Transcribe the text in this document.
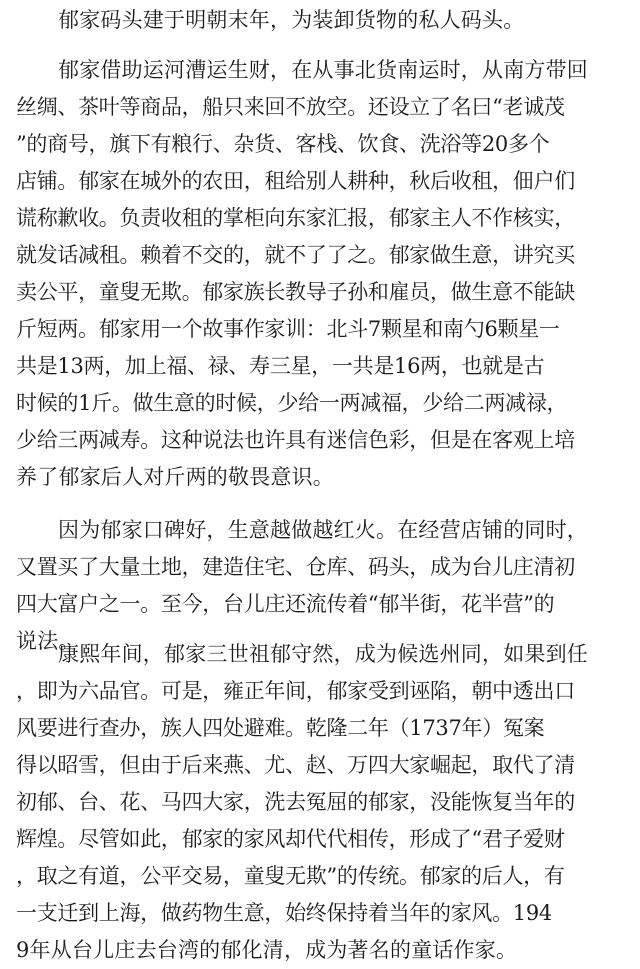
郁家码头建于明朝末年，为装卸货物的私人码头。
郁家借助运河漕运生财，在从事北货南运时，从南方带回
丝绸、茶叶等商品，船只来回不放空。还设立了名曰“老诚茂
”的商号，旗下有粮行、杂货、客栈、饮食、洗浴等20多个
店铺。郁家在城外的农田，租给别人耕种，秋后收租，佃户们
谎称歉收。负责收租的掌柜向东家汇报，郁家主人不作核实，
就发话减租。赖着不交的，就不了了之。郁家做生意，讲究买
卖公平，童叟无欺。郁家族长教导子孙和雇员，做生意不能缺
斤短两。郁家用一个故事作家训：北斗7颗星和南勺6颗星一
共是13两，加上福、禄、寿三星，一共是16两，也就是古
时候的1斤。做生意的时候，少给一两减福，少给二两减禄，
少给三两减寿。这种说法也许具有迷信色彩，但是在客观上培
养了郁家后人对斤两的敬畏意识。
因为郁家口碑好，生意越做越红火。在经营店铺的同时，
又置买了大量土地，建造住宅、仓库、码头，成为台儿庄清初
四大富户之一。至今，台儿庄还流传着“郁半街，花半营”的
说法。
康熙年间，郁家三世祖郁守然，成为候选州同，如果到任
，即为六品官。可是，雍正年间，郁家受到诬陷，朝中透出口
风要进行查办，族人四处避难。乾隆二年（1737年）冤案
得以昭雪，但由于后来燕、尤、赵、万四大家崛起，取代了清
初郁、台、花、马四大家，洗去冤屈的郁家，没能恢复当年的
辉煌。尽管如此，郁家的家风却代代相传，形成了“君子爱财
，取之有道，公平交易，童叟无欺”的传统。郁家的后人，有
一支迁到上海，做药物生意，始终保持着当年的家风。194
9年从台儿庄去台湾的郁化清，成为著名的童话作家。
